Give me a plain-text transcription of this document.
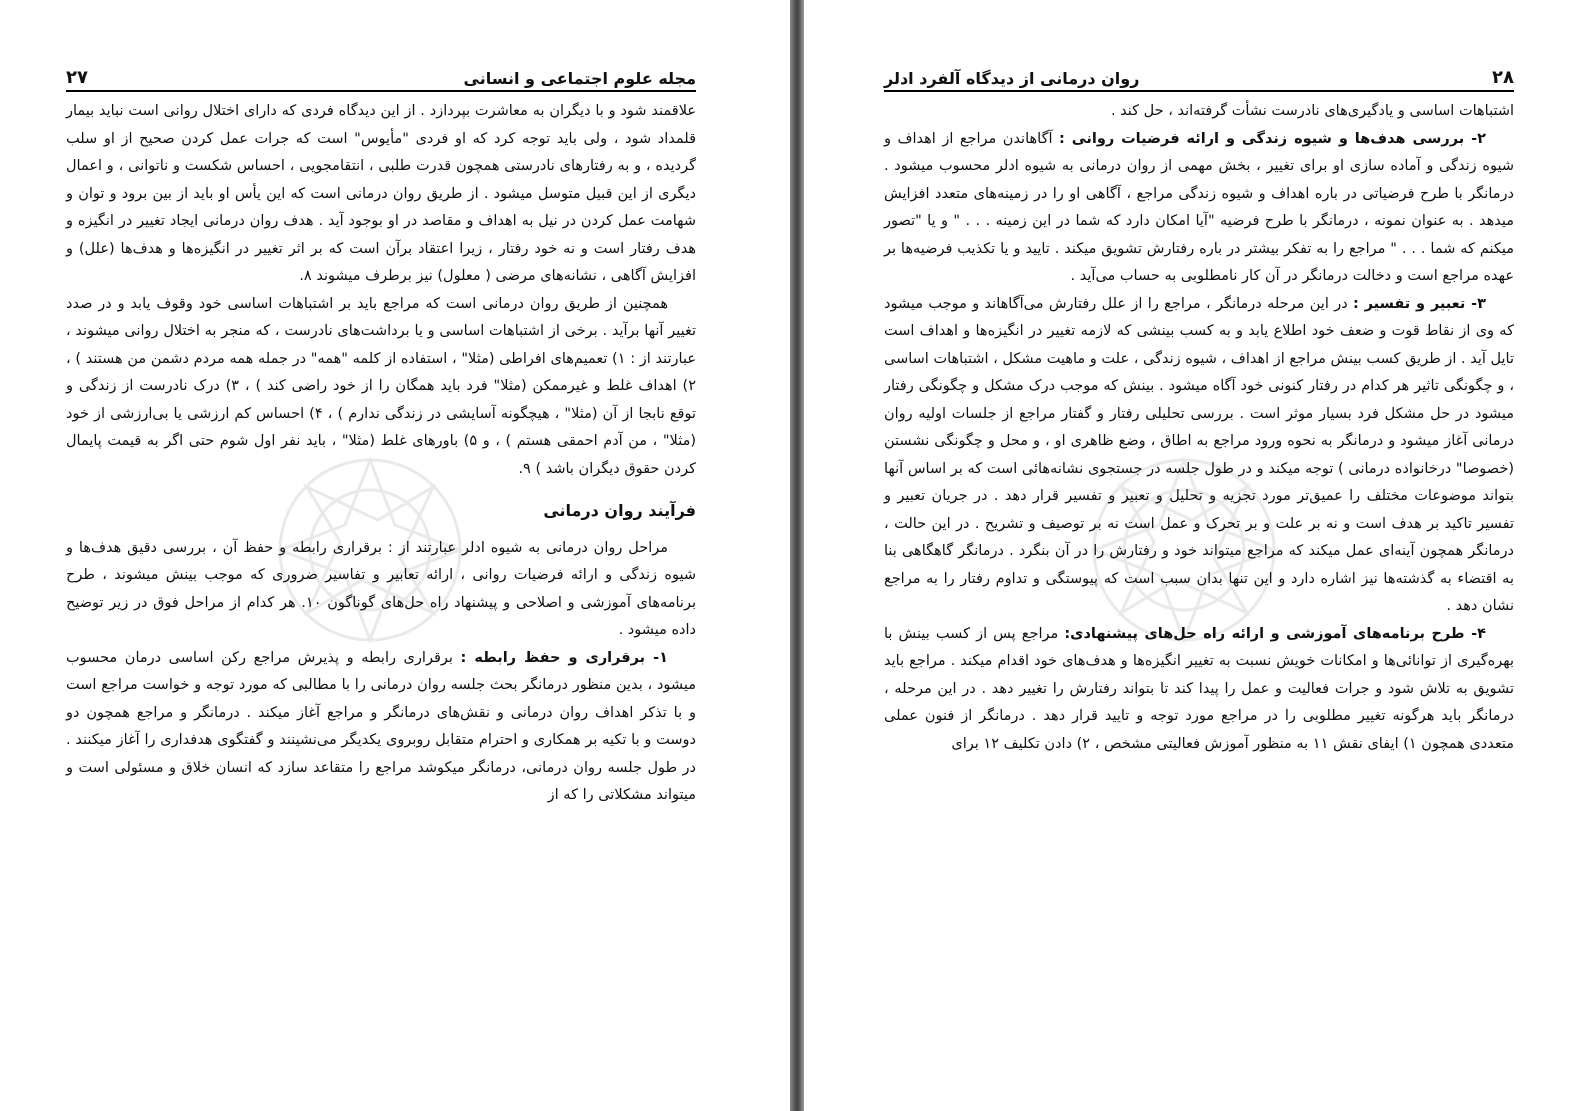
مجله علوم اجتماعی و انسانی
۲۷

علاقمند شود و با دیگران به معاشرت بپردازد . از این دیدگاه فردی که دارای اختلال روانی است نباید بیمار قلمداد شود ، ولی باید توجه کرد که او فردی "مأیوس" است که جرات عمل کردن صحیح از او سلب گردیده ، و به رفتارهای نادرستی همچون قدرت طلبی ، انتقامجویی ، احساس شکست و ناتوانی ، و اعمال دیگری از این قبیل متوسل میشود . از طریق روان درمانی است که این یأس او باید از بین برود و توان و شهامت عمل کردن در نیل به اهداف و مقاصد در او بوجود آید . هدف روان درمانی ایجاد تغییر در انگیزه و هدف رفتار است و نه خود رفتار ، زیرا اعتقاد برآن است که بر اثر تغییر در انگیزه‌ها و هدف‌ها (علل) و افزایش آگاهی ، نشانه‌های مرضی ( معلول) نیز برطرف میشوند ۸.

همچنین از طریق روان درمانی است که مراجع باید بر اشتباهات اساسی خود وقوف یابد و در صدد تغییر آنها برآید . برخی از اشتباهات اساسی و یا برداشت‌های نادرست ، که منجر به اختلال روانی میشوند ، عبارتند از : ۱) تعمیم‌های افراطی (مثلا" ، استفاده از کلمه "همه" در جمله همه مردم دشمن من هستند ) ، ۲) اهداف غلط و غیرممکن (مثلا" فرد باید همگان را از خود راضی کند ) ، ۳) درک نادرست از زندگی و توقع نابجا از آن (مثلا" ، هیچگونه آسایشی در زندگی ندارم ) ، ۴) احساس کم ارزشی یا بی‌ارزشی از خود (مثلا" ، من آدم احمقی هستم ) ، و ۵) باورهای غلط (مثلا" ، باید نفر اول شوم حتی اگر به قیمت پایمال کردن حقوق دیگران باشد ) ۹.

فرآیند روان درمانی

مراحل روان درمانی به شیوه ادلر عبارتند از : برقراری رابطه و حفظ آن ، بررسی دقیق هدف‌ها و شیوه زندگی و ارائه فرضیات روانی ، ارائه تعابیر و تفاسیر ضروری که موجب بینش میشوند ، طرح برنامه‌های آموزشی و اصلاحی و پیشنهاد راه حل‌های گوناگون ۱۰. هر کدام از مراحل فوق در زیر توضیح داده میشود .

۱- برقراری و حفظ رابطه : برقراری رابطه و پذیرش مراجع رکن اساسی درمان محسوب میشود ، بدین منظور درمانگر بحث جلسه روان درمانی را با مطالبی که مورد توجه و خواست مراجع است و با تذکر اهداف روان درمانی و نقش‌های درمانگر و مراجع آغاز میکند . درمانگر و مراجع همچون دو دوست و با تکیه بر همکاری و احترام متقابل روبروی یکدیگر می‌نشینند و گفتگوی هدفداری را آغاز میکنند . در طول جلسه روان درمانی، درمانگر میکوشد مراجع را متقاعد سازد که انسان خلاق و مسئولی است و میتواند مشکلاتی را که از

۲۸
روان درمانی از دیدگاه آلفرد ادلر

اشتباهات اساسی و یادگیری‌های نادرست نشأت گرفته‌اند ، حل کند .

۲- بررسی هدف‌ها و شیوه زندگی و ارائه فرضیات روانی : آگاهاندن مراجع از اهداف و شیوه زندگی و آماده سازی او برای تغییر ، بخش مهمی از روان درمانی به شیوه ادلر محسوب میشود . درمانگر با طرح فرضیاتی در باره اهداف و شیوه زندگی مراجع ، آگاهی او را در زمینه‌های متعدد افزایش میدهد . به عنوان نمونه ، درمانگر با طرح فرضیه "آیا امکان دارد که شما در این زمینه . . . " و یا "تصور میکنم که شما . . . " مراجع را به تفکر بیشتر در باره رفتارش تشویق میکند . تایید و یا تکذیب فرضیه‌ها بر عهده مراجع است و دخالت درمانگر در آن کار نامطلوبی به حساب می‌آید .

۳- تعبیر و تفسیر : در این مرحله درمانگر ، مراجع را از علل رفتارش می‌آگاهاند و موجب میشود که وی از نقاط قوت و ضعف خود اطلاع یابد و به کسب بینشی که لازمه تغییر در انگیزه‌ها و اهداف است تایل آید . از طریق کسب بینش مراجع از اهداف ، شیوه زندگی ، علت و ماهیت مشکل ، اشتباهات اساسی ، و چگونگی تاثیر هر کدام در رفتار کنونی خود آگاه میشود . بینش که موجب درک مشکل و چگونگی رفتار میشود در حل مشکل فرد بسیار موثر است . بررسی تحلیلی رفتار و گفتار مراجع از جلسات اولیه روان درمانی آغاز میشود و درمانگر به نحوه ورود مراجع به اطاق ، وضع ظاهری او ، و محل و چگونگی نشستن (خصوصا" درخانواده درمانی ) توجه میکند و در طول جلسه در جستجوی نشانه‌هائی است که بر اساس آنها بتواند موضوعات مختلف را عمیق‌تر مورد تجزیه و تحلیل و تعبیر و تفسیر قرار دهد . در جریان تعبیر و تفسیر تاکید بر هدف است و نه بر علت و بر تحرک و عمل است نه بر توصیف و تشریح . در این حالت ، درمانگر همچون آینه‌ای عمل میکند که مراجع میتواند خود و رفتارش را در آن بنگرد . درمانگر گاهگاهی بنا به اقتضاء به گذشته‌ها نیز اشاره دارد و این تنها بدان سبب است که پیوستگی و تداوم رفتار را به مراجع نشان دهد .

۴- طرح برنامه‌های آموزشی و ارائه راه حل‌های پیشنهادی: مراجع پس از کسب بینش با بهره‌گیری از توانائی‌ها و امکانات خویش نسبت به تغییر انگیزه‌ها و هدف‌های خود اقدام میکند . مراجع باید تشویق به تلاش شود و جرات فعالیت و عمل را پیدا کند تا بتواند رفتارش را تغییر دهد . در این مرحله ، درمانگر باید هرگونه تغییر مطلوبی را در مراجع مورد توجه و تایید قرار دهد . درمانگر از فنون عملی متعددی همچون ۱) ایفای نقش ۱۱ به منظور آموزش فعالیتی مشخص ، ۲) دادن تکلیف ۱۲ برای
